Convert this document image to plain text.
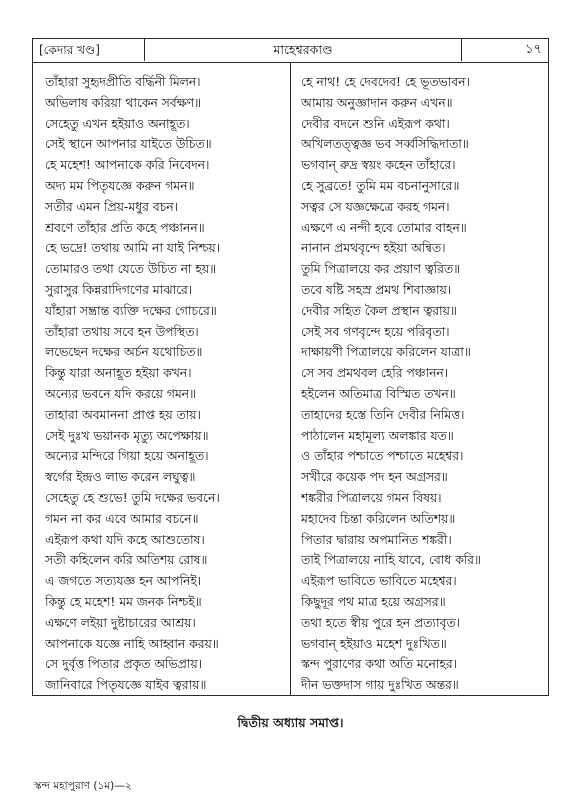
[কেদার খণ্ড]	মাহেশ্বরকাণ্ড	১৭
তাঁহারা সুহৃদপ্রীতি বর্দ্ধিনী মিলন।
অভিলাষ করিয়া থাকেন সর্বক্ষণ॥
সেহেতু এখন হইয়াও অনাহূত।
সেই স্থানে আপনার যাইতে উচিত॥
হে মহেশ! আপনাকে করি নিবেদন।
অদ্য মম পিতৃযজ্ঞে করুন গমন॥
সতীর এমন প্রিয়-মধুর বচন।
শ্রবণে তাঁহার প্রতি কহে পঞ্চানন॥
হে ভদ্রে! তথায় আমি না যাই নিশ্চয়।
তোমারও তথা যেতে উচিত না হয়॥
সুরাসুর কিন্নরাদিগণের মাঝারে।
যাঁহারা সম্ভ্রান্ত ব্যক্তি দক্ষের গোচরে॥
তাঁহারা তথায় সবে হন উপস্থিত।
লভেছেন দক্ষের অর্চন যথোচিত॥
কিন্তু যারা অনাহূত হইয়া কখন।
অন্যের ভবনে যদি করয়ে গমন॥
তাহারা অবমাননা প্রাপ্ত হয় তায়।
সেই দুঃখ ভয়ানক মৃত্যু অপেক্ষায়॥
অন্যের মন্দিরে গিয়া হয়ে অনাহূত।
স্বর্গের ইন্দ্রও লাভ করেন লঘুত্ব॥
সেহেতু হে শুভে! তুমি দক্ষের ভবনে।
গমন না কর এবে আমার বচনে॥
এইরূপ কথা যদি কহে আশুতোষ।
সতী কহিলেন করি অতিশয় রোষ॥
এ জগতে সত্যযজ্ঞ হন আপনিই।
কিন্তু হে মহেশ! মম জনক নিশ্চই॥
এক্ষণে লইয়া দুষ্টাচারের আশ্রয়।
আপনাকে যজ্ঞে নাহি আহ্বান করয়॥
সে দুর্বৃত্ত পিতার প্রকৃত অভিপ্রায়।
জানিবারে পিতৃযজ্ঞে যাইব ত্বরায়॥
হে নাথ! হে দেবদেব! হে ভূতভাবন।
আমায় অনুজ্ঞাদান করুন এখন॥
দেবীর বদনে শুনি এইরূপ কথা।
অখিলতত্ত্বজ্ঞ ভব সর্ব্বসিদ্ধিদাতা॥
ভগবান্ রুদ্র স্বয়ং কহেন তাঁহারে।
হে সুব্রতে! তুমি মম বচনানুসারে॥
সত্বর সে যজ্ঞক্ষেত্রে করহ গমন।
এক্ষণে এ নন্দী হবে তোমার বাহন॥
নানান প্রমথবৃন্দে হইয়া অন্বিত।
তুমি পিত্রালয়ে কর প্রয়াণ ত্বরিত॥
তবে ষষ্টি সহস্র প্রমথ শিবাজ্ঞায়।
দেবীর সহিত কৈল প্রস্থান ত্বরায়॥
সেই সব গণবৃন্দে হয়ে পরিবৃতা।
দাক্ষায়ণী পিত্রালয়ে করিলেন যাত্রা॥
সে সব প্রমথবল হেরি পঞ্চানন।
হইলেন অতিমাত্র বিস্মিত তখন॥
তাহাদের হস্তে তিনি দেবীর নিমিত্ত।
পাঠালেন মহামূল্য অলঙ্কার যত॥
ও তাঁহার পশ্চাতে পশ্চাতে মহেশ্বর।
সখীরে কয়েক পদ হন অগ্রসর॥
শঙ্করীর পিত্রালয়ে গমন বিষয়।
মহাদেব চিন্তা করিলেন অতিশয়॥
পিতার দ্বারায় অপমানিত শঙ্করী।
তাই পিত্রালয়ে নাহি যাবে, বোধ করি॥
এইরূপ ভাবিতে ভাবিতে মহেশ্বর।
কিছুদূর পথ মাত্র হয়ে অগ্রসর॥
তথা হতে স্বীয় পুরে হন প্রত্যাবৃত।
ভগবান্ হইয়াও মহেশ দুঃখিত॥
স্কন্দ পুরাণের কথা অতি মনোহর।
দীন ভক্তদাস গায় দুঃখিত অন্তর॥
দ্বিতীয় অধ্যায় সমাপ্ত।
স্কন্দ মহাপুরাণ (১ম)—২
